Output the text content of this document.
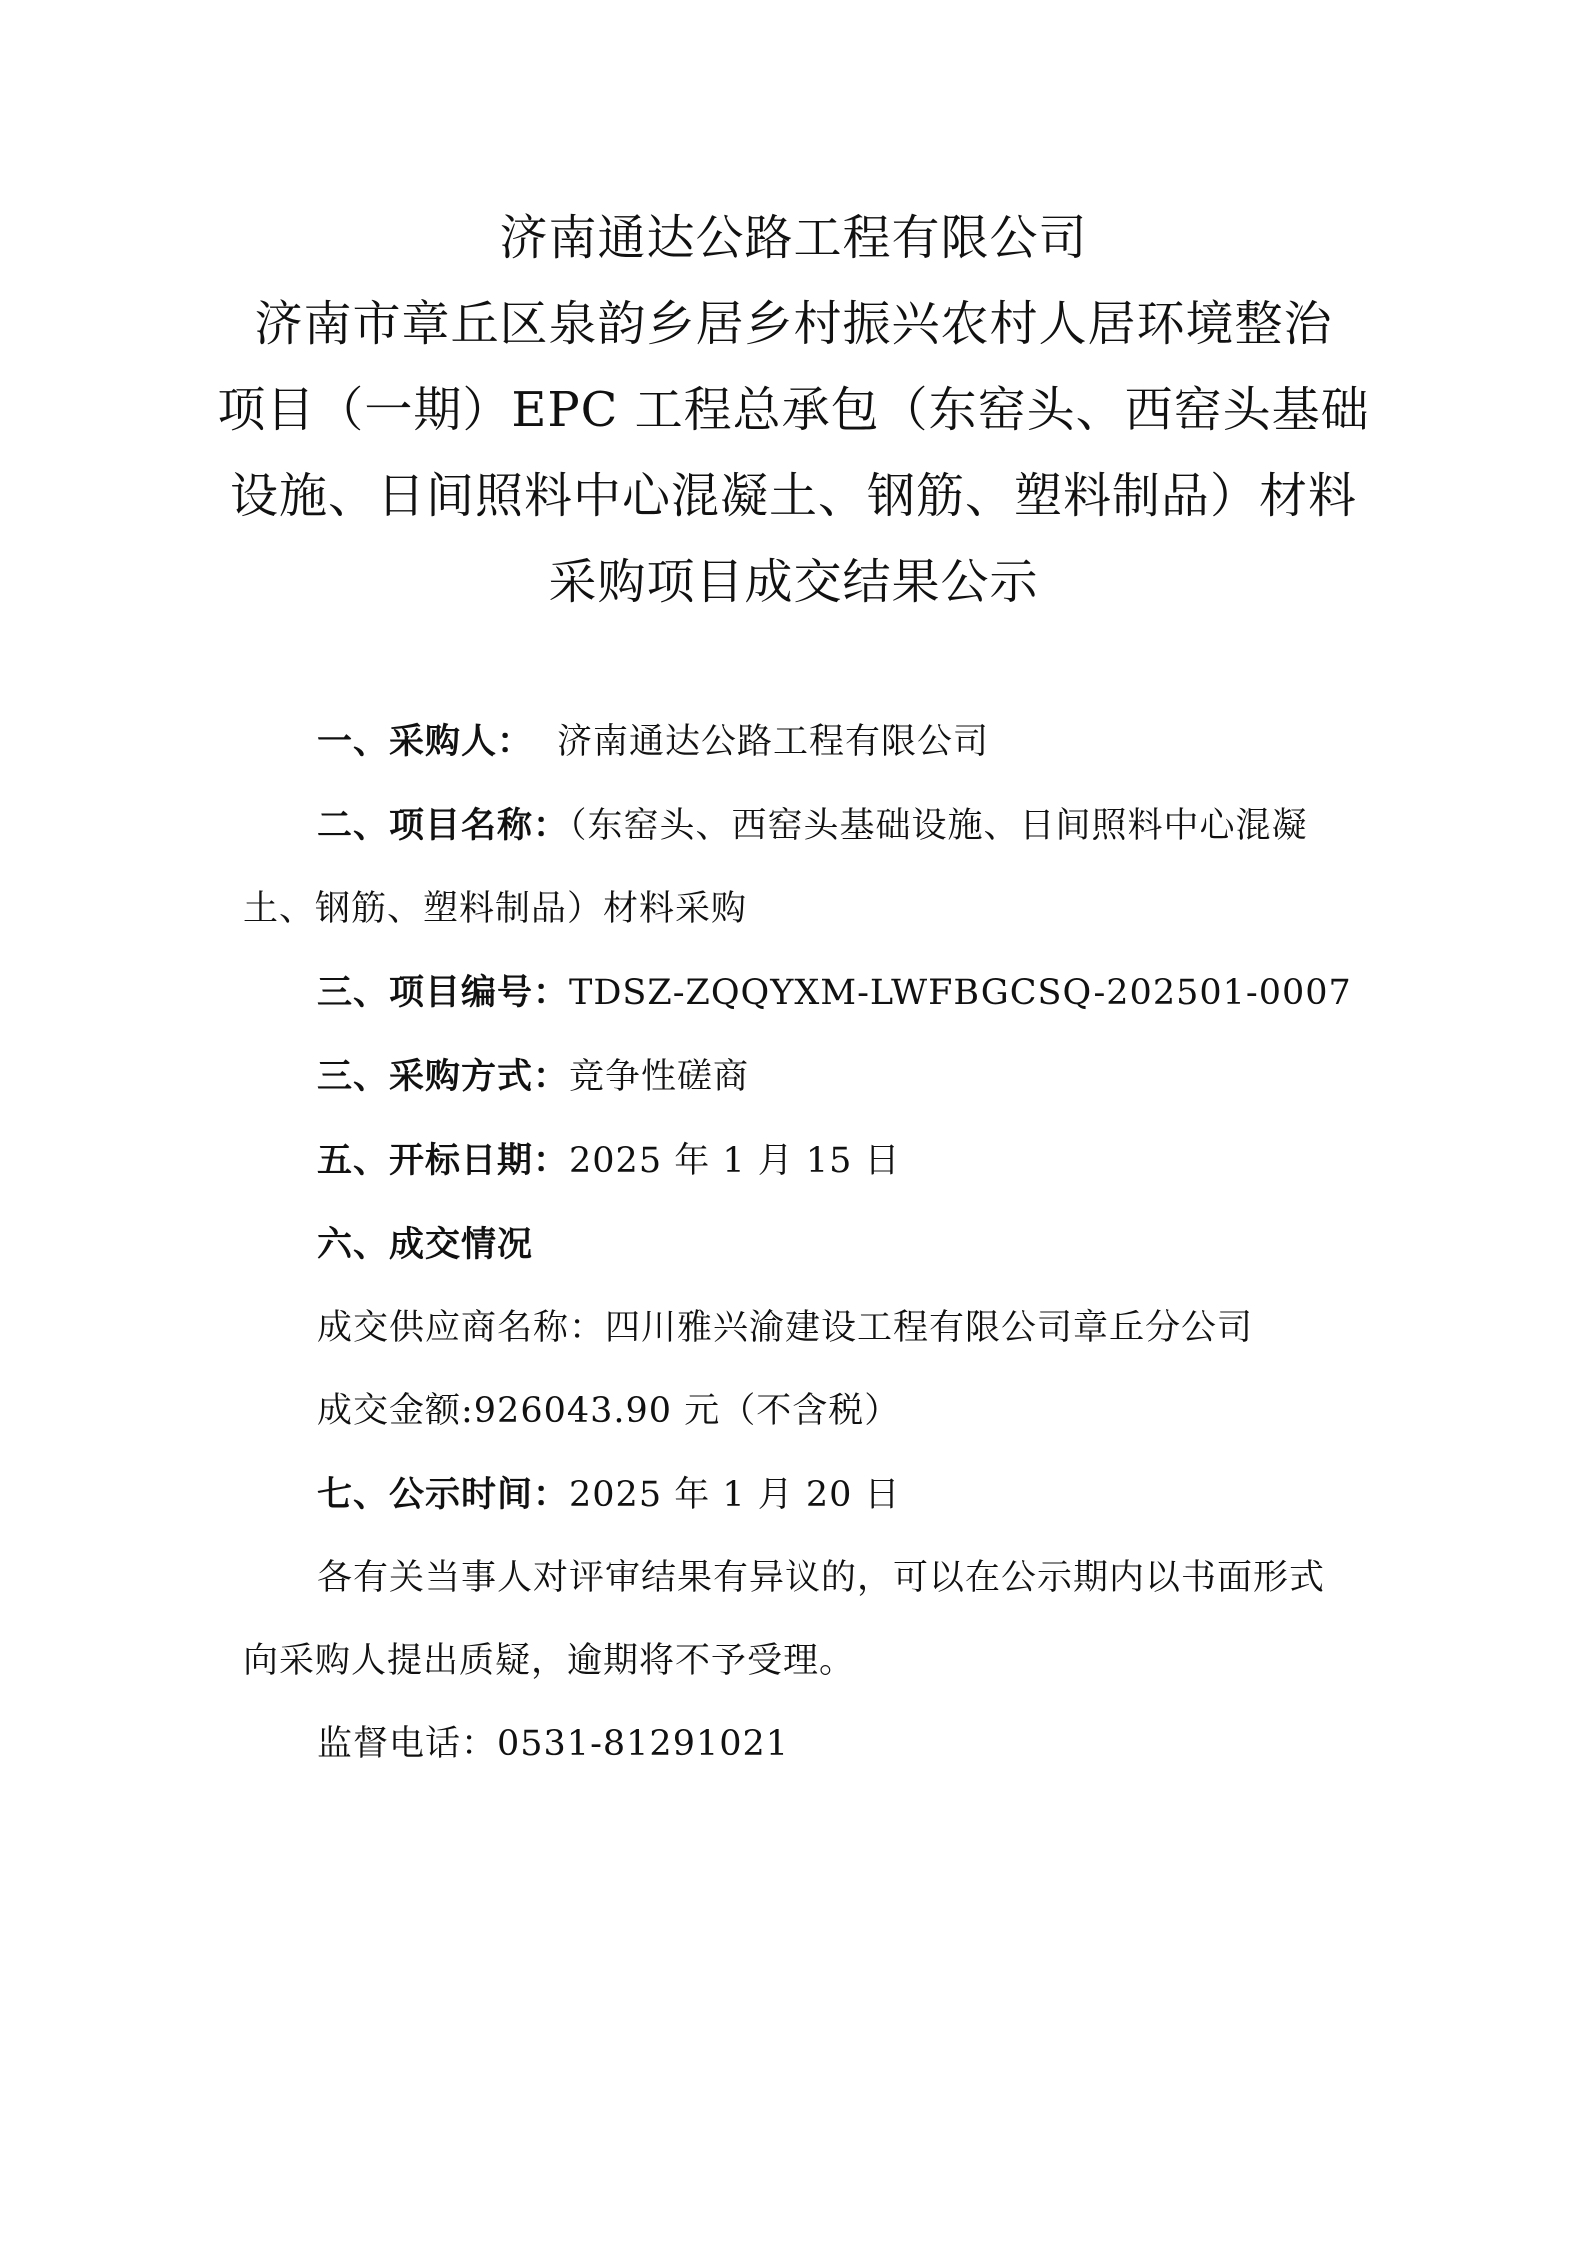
济南通达公路工程有限公司
济南市章丘区泉韵乡居乡村振兴农村人居环境整治
项目（一期）EPC 工程总承包（东窑头、西窑头基础
设施、日间照料中心混凝土、钢筋、塑料制品）材料
采购项目成交结果公示
一、采购人： 济南通达公路工程有限公司
二、项目名称：（东窑头、西窑头基础设施、日间照料中心混凝
土、钢筋、塑料制品）材料采购
三、项目编号：TDSZ-ZQQYXM-LWFBGCSQ-202501-0007
三、采购方式：竞争性磋商
五、开标日期：2025 年 1 月 15 日
六、成交情况
成交供应商名称：四川雅兴渝建设工程有限公司章丘分公司
成交金额:926043.90 元（不含税）
七、公示时间：2025 年 1 月 20 日
各有关当事人对评审结果有异议的，可以在公示期内以书面形式
向采购人提出质疑，逾期将不予受理。
监督电话：0531-81291021
